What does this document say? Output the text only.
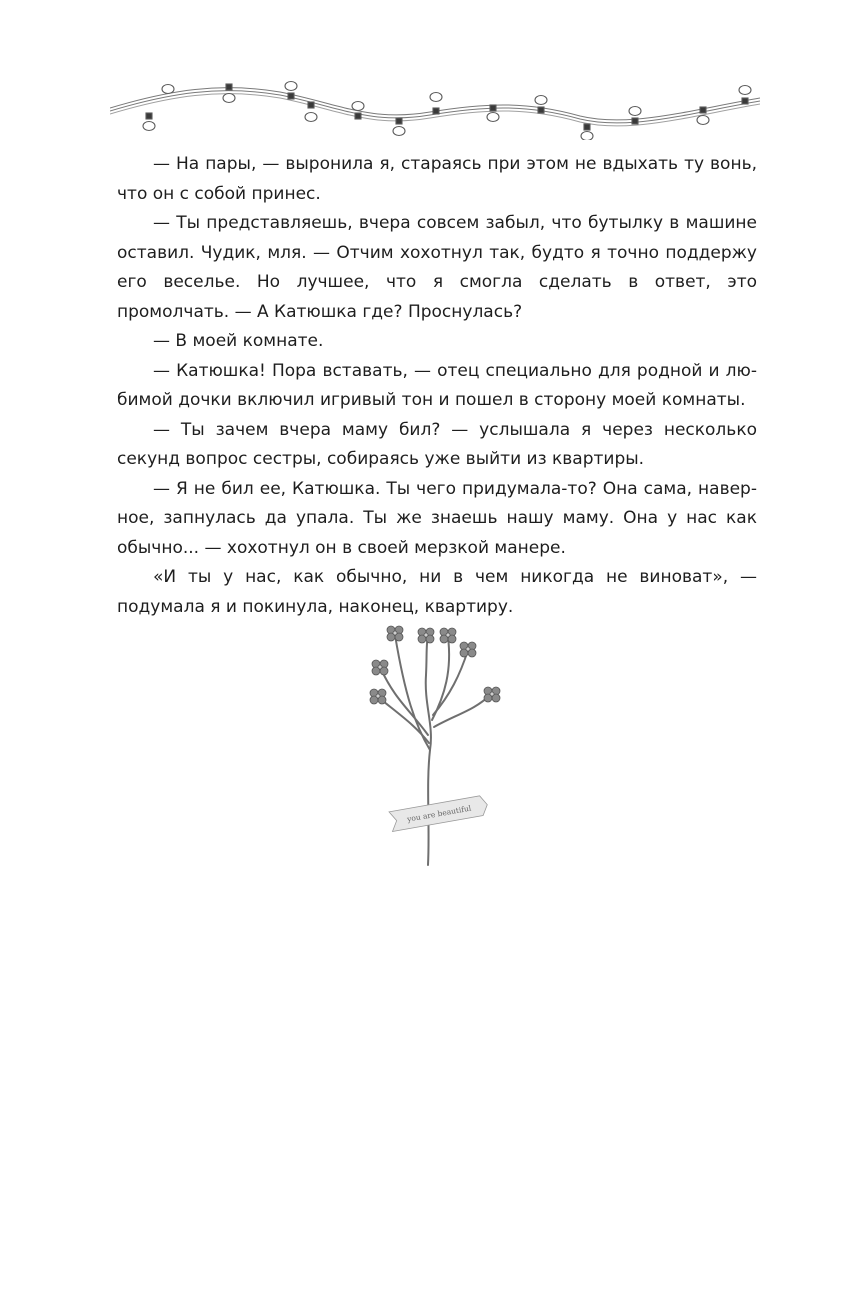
— На пары, — выронила я, стараясь при этом не вдыхать ту вонь, что он с собой принес.

— Ты представляешь, вчера совсем забыл, что бутылку в машине оставил. Чудик, мля. — Отчим хохотнул так, будто я точно поддержу его веселье. Но лучшее, что я смогла сделать в ответ, это промолчать. — А Катюшка где? Проснулась?

— В моей комнате.

— Катюшка! Пора вставать, — отец специально для родной и любимой дочки включил игривый тон и пошел в сторону моей комнаты.

— Ты зачем вчера маму бил? — услышала я через несколько секунд вопрос сестры, собираясь уже выйти из квартиры.

— Я не бил ее, Катюшка. Ты чего придумала-то? Она сама, наверное, запнулась да упала. Ты же знаешь нашу маму. Она у нас как обычно... — хохотнул он в своей мерзкой манере.

«И ты у нас, как обычно, ни в чем никогда не виноват», — подумала я и покинула, наконец, квартиру.

you are beautiful
